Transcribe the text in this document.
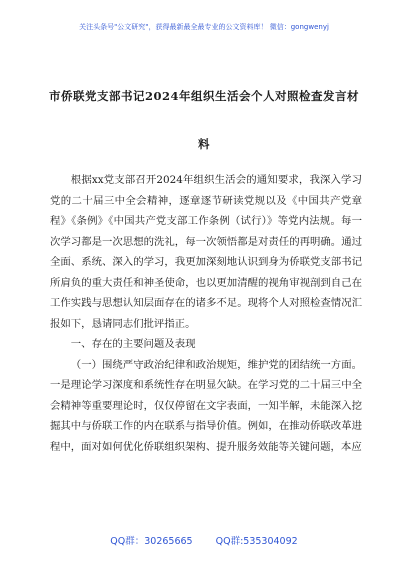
关注头条号"公文研究"，获得最新最全最专业的公文资料库！ 微信：gongwenyj
市侨联党支部书记2024年组织生活会个人对照检查发言材料

根据xx党支部召开2024年组织生活会的通知要求，我深入学习党的二十届三中全会精神，逐章逐节研读党规以及《中国共产党章程》《条例》《中国共产党支部工作条例（试行）》等党内法规。每一次学习都是一次思想的洗礼，每一次领悟都是对责任的再明确。通过全面、系统、深入的学习，我更加深刻地认识到身为侨联党支部书记所肩负的重大责任和神圣使命，也以更加清醒的视角审视剖到自己在工作实践与思想认知层面存在的诸多不足。现将个人对照检查情况汇报如下，恳请同志们批评指正。

一、存在的主要问题及表现

（一）围绕严守政治纪律和政治规矩，维护党的团结统一方面。一是理论学习深度和系统性存在明显欠缺。在学习党的二十届三中全会精神等重要理论时，仅仅停留在文字表面，一知半解，未能深入挖掘其中与侨联工作的内在联系与指导价值。例如，在推动侨联改革进程中，面对如何优化侨联组织架构、提升服务效能等关键问题，本应

QQ群：30265665 QQ群:535304092
